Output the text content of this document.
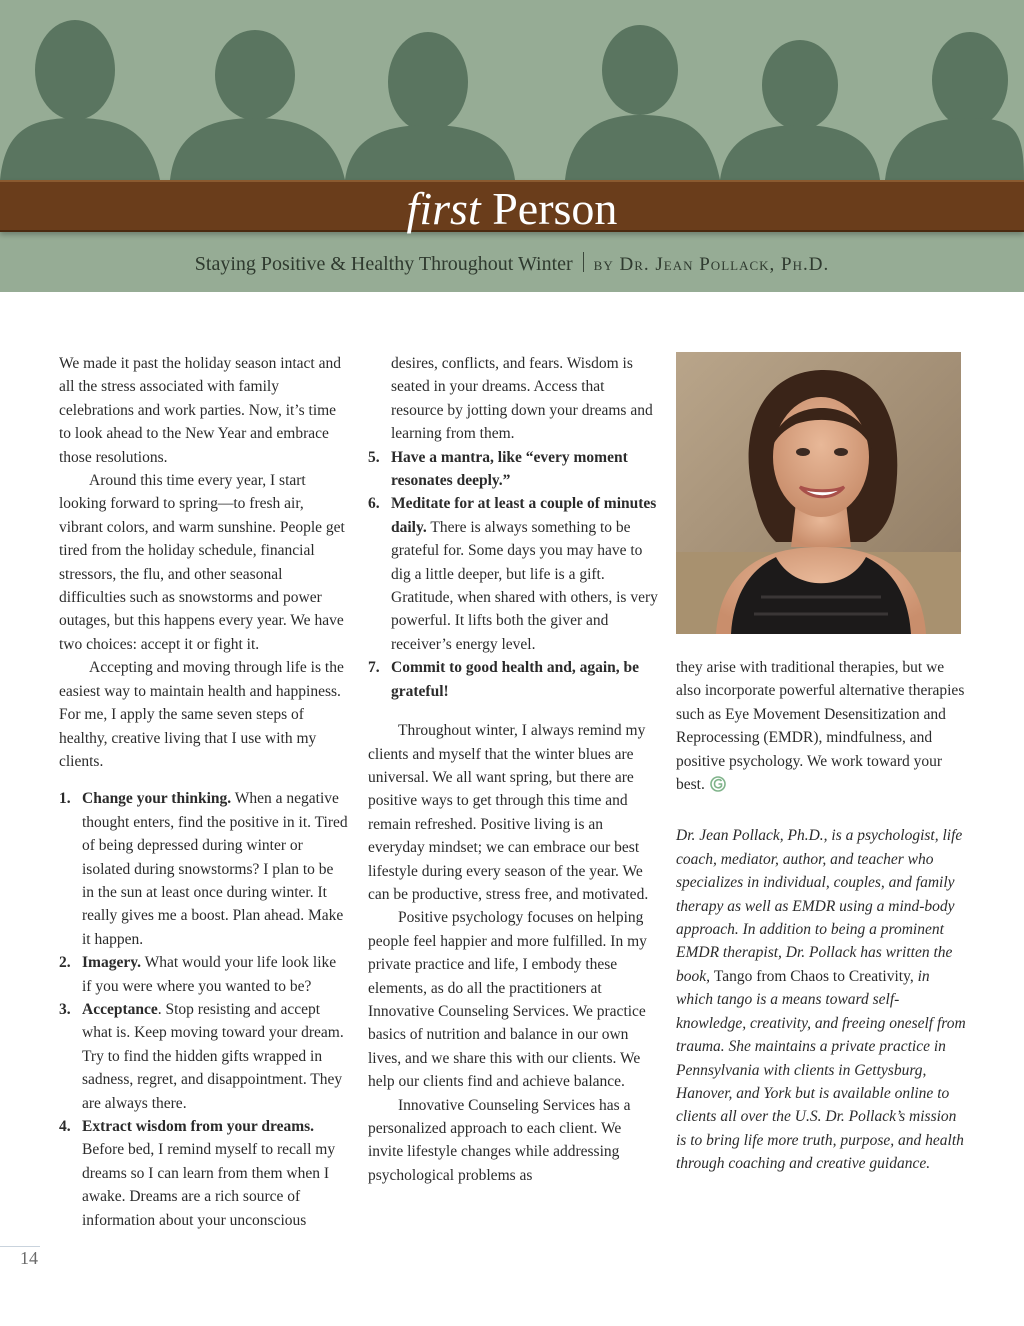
first Person
Staying Positive & Healthy Throughout Winter by Dr. Jean Pollack, Ph.D.

We made it past the holiday season intact and all the stress associated with family celebrations and work parties. Now, it’s time to look ahead to the New Year and embrace those resolutions.

Around this time every year, I start looking forward to spring—to fresh air, vibrant colors, and warm sunshine. People get tired from the holiday schedule, financial stressors, the flu, and other seasonal difficulties such as snowstorms and power outages, but this happens every year. We have two choices: accept it or fight it.

Accepting and moving through life is the easiest way to maintain health and happiness. For me, I apply the same seven steps of healthy, creative living that I use with my clients.

1. Change your thinking. When a negative thought enters, find the positive in it. Tired of being depressed during winter or isolated during snowstorms? I plan to be in the sun at least once during winter. It really gives me a boost. Plan ahead. Make it happen.
2. Imagery. What would your life look like if you were where you wanted to be?
3. Acceptance. Stop resisting and accept what is. Keep moving toward your dream. Try to find the hidden gifts wrapped in sadness, regret, and disappointment. They are always there.
4. Extract wisdom from your dreams. Before bed, I remind myself to recall my dreams so I can learn from them when I awake. Dreams are a rich source of information about your unconscious
desires, conflicts, and fears. Wisdom is seated in your dreams. Access that resource by jotting down your dreams and learning from them.
5. Have a mantra, like “every moment resonates deeply.”
6. Meditate for at least a couple of minutes daily. There is always something to be grateful for. Some days you may have to dig a little deeper, but life is a gift. Gratitude, when shared with others, is very powerful. It lifts both the giver and receiver’s energy level.
7. Commit to good health and, again, be grateful!

Throughout winter, I always remind my clients and myself that the winter blues are universal. We all want spring, but there are positive ways to get through this time and remain refreshed. Positive living is an everyday mindset; we can embrace our best lifestyle during every season of the year. We can be productive, stress free, and motivated.

Positive psychology focuses on helping people feel happier and more fulfilled. In my private practice and life, I embody these elements, as do all the practitioners at Innovative Counseling Services. We practice basics of nutrition and balance in our own lives, and we share this with our clients. We help our clients find and achieve balance.

Innovative Counseling Services has a personalized approach to each client. We invite lifestyle changes while addressing psychological problems as

they arise with traditional therapies, but we also incorporate powerful alternative therapies such as Eye Movement Desensitization and Reprocessing (EMDR), mindfulness, and positive psychology. We work toward your best.

Dr. Jean Pollack, Ph.D., is a psychologist, life coach, mediator, author, and teacher who specializes in individual, couples, and family therapy as well as EMDR using a mind-body approach. In addition to being a prominent EMDR therapist, Dr. Pollack has written the book, Tango from Chaos to Creativity, in which tango is a means toward self-knowledge, creativity, and freeing oneself from trauma. She maintains a private practice in Pennsylvania with clients in Gettysburg, Hanover, and York but is available online to clients all over the U.S. Dr. Pollack’s mission is to bring life more truth, purpose, and health through coaching and creative guidance.

14
